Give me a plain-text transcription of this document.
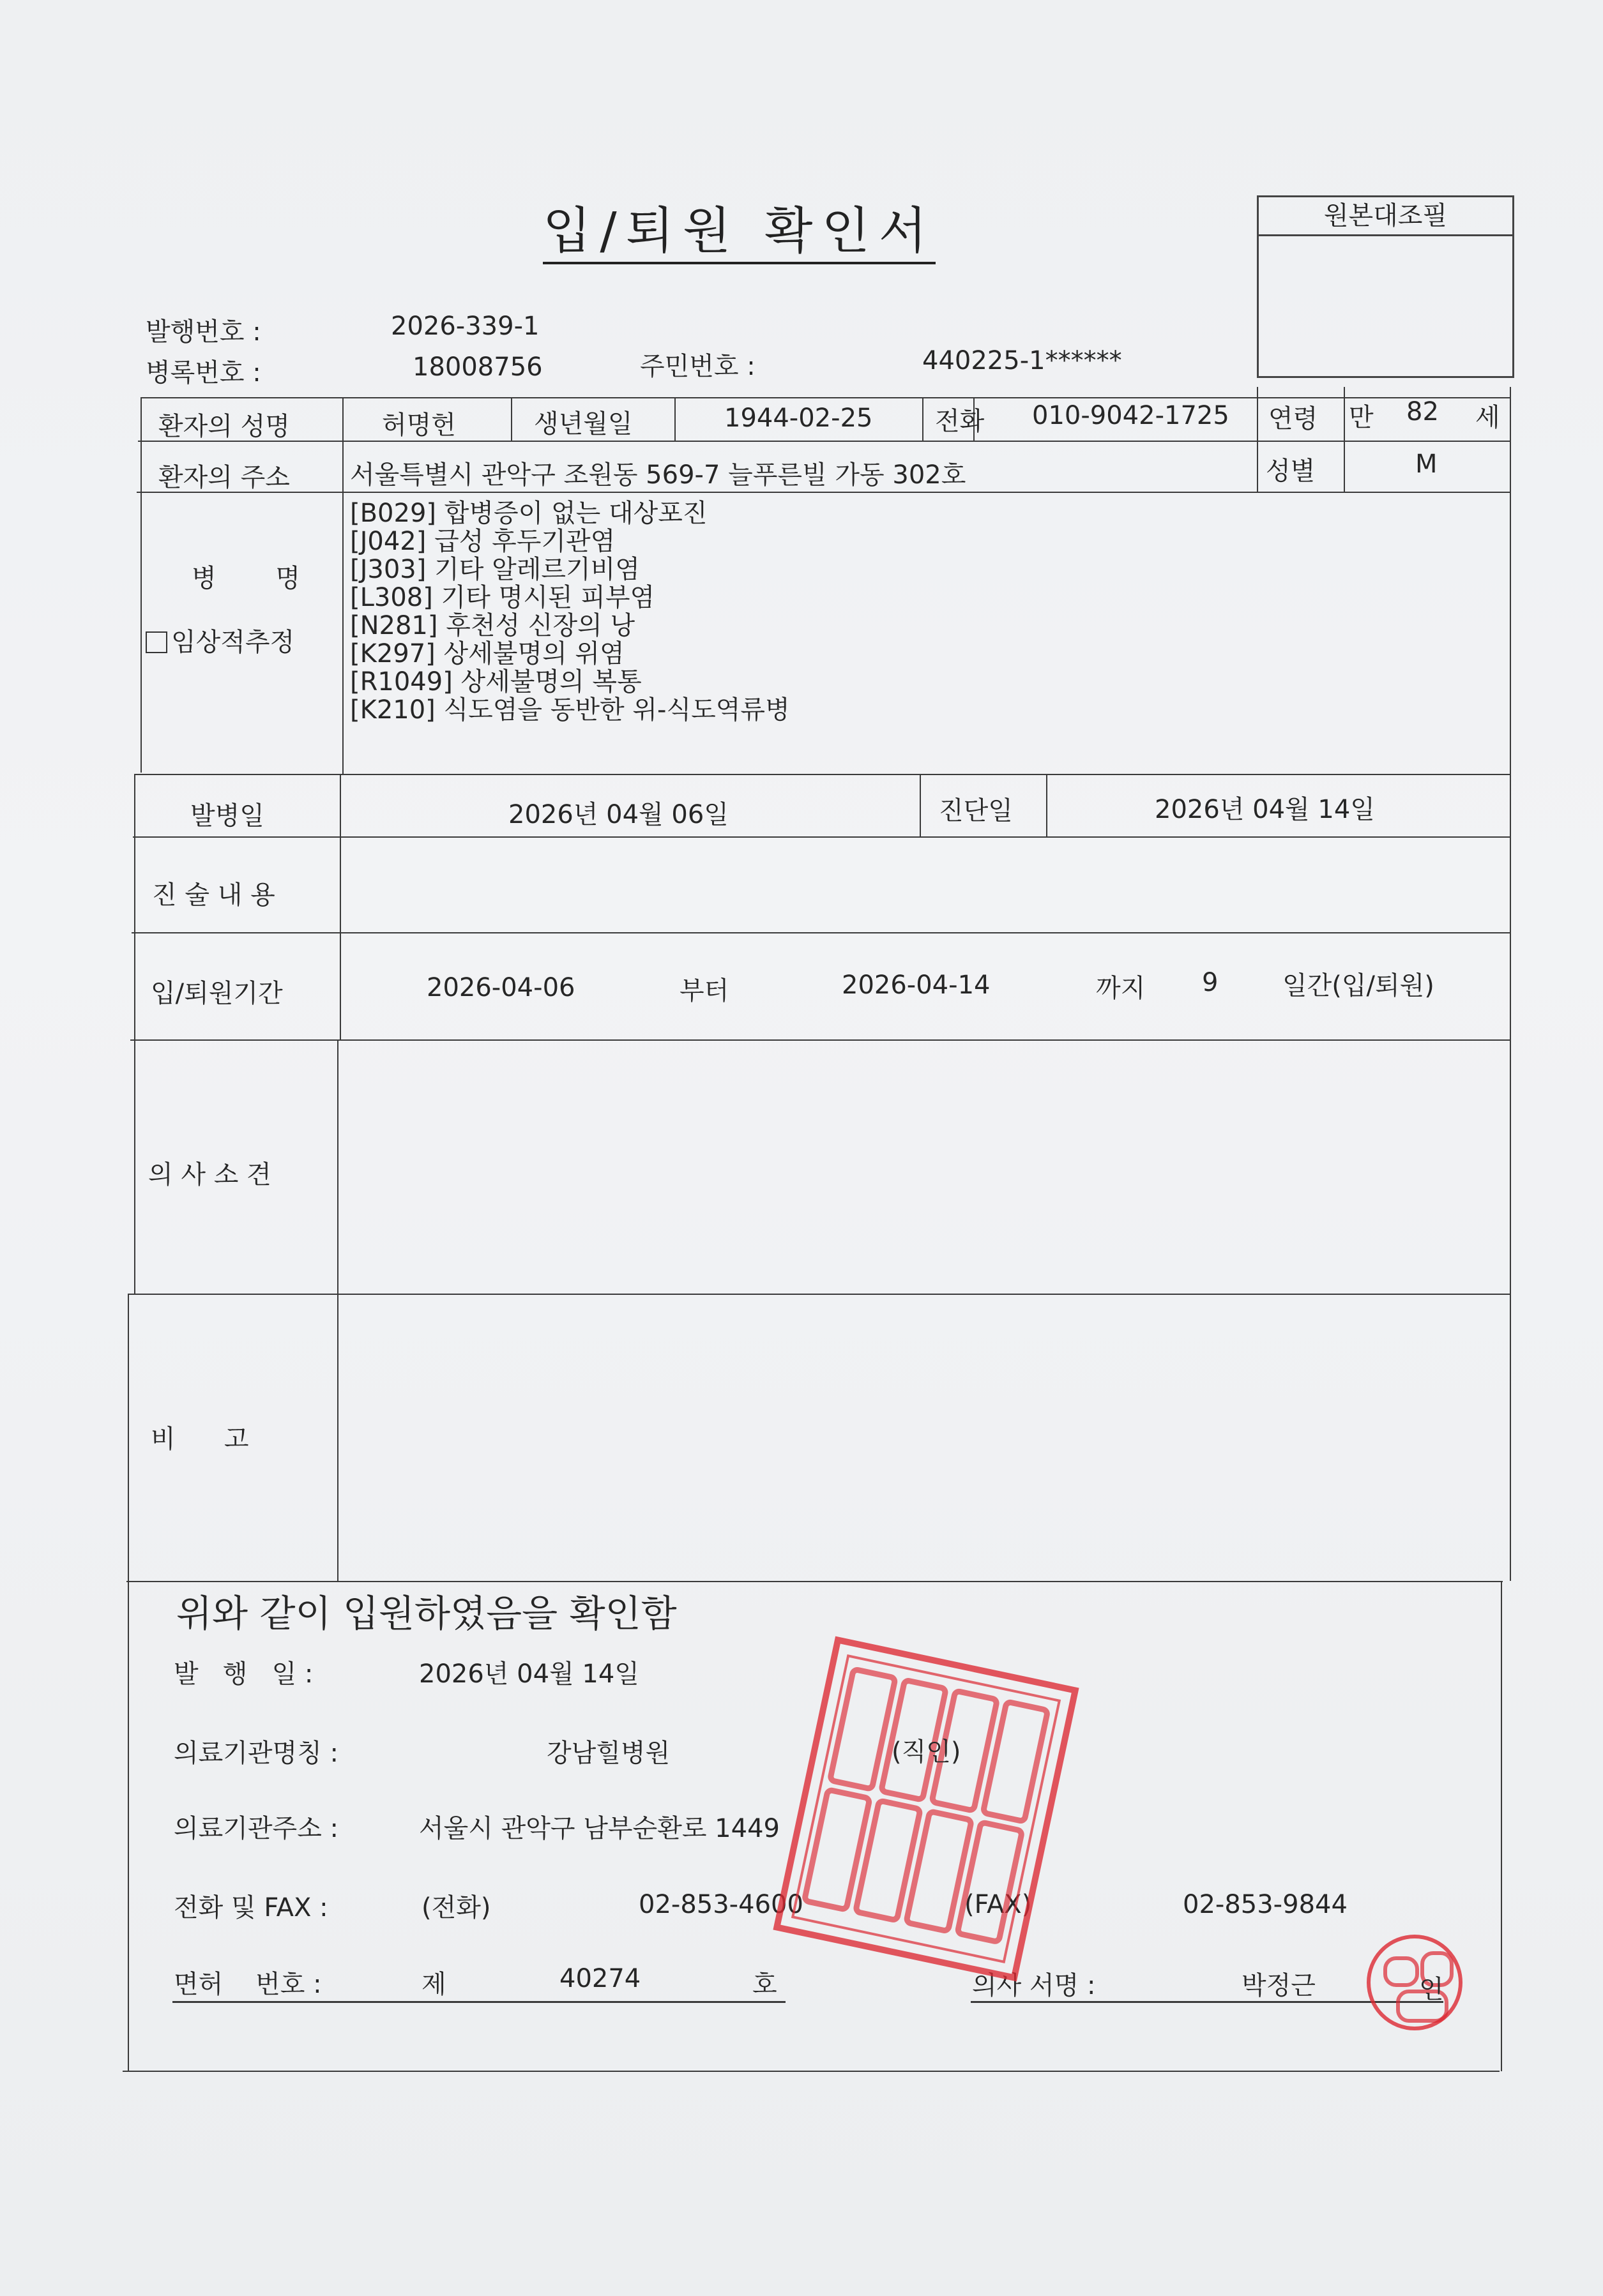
입/퇴원 확인서	원본대조필
발행번호 :	2026-339-1
병록번호 :	18008756	주민번호 :	440225-1******
환자의 성명	허명헌	생년월일	1944-02-25 전화 010-9042-1725 연령 만 82 세
환자의 주소 서울특별시 관악구 조원동 569-7 늘푸른빌 가동 302호	성별	M
병 명
임상적추정
[B029] 합병증이 없는 대상포진
[J042] 급성 후두기관염
[J303] 기타 알레르기비염
[L308] 기타 명시된 피부염
[N281] 후천성 신장의 낭
[K297] 상세불명의 위염
[R1049] 상세불명의 복통
[K210] 식도염을 동반한 위-식도역류병
발병일	2026년 04월 06일	진단일	2026년 04월 14일
진 술 내 용
입/퇴원기간	2026-04-06	부터	2026-04-14	까지 9	일간(입/퇴원)
의 사 소 견
비      고
위와 같이 입원하였음을 확인함
발   행   일 :	2026년 04월 14일
의료기관명칭 :	강남힐병원
의료기관주소 :	서울시 관악구 남부순환로 1449
전화 및 FAX :	(전화)	02-853-4600	(FAX)	02-853-9844
면허    번호 :	제	40274	호	의사 서명 :	박정근
(직인)
인
